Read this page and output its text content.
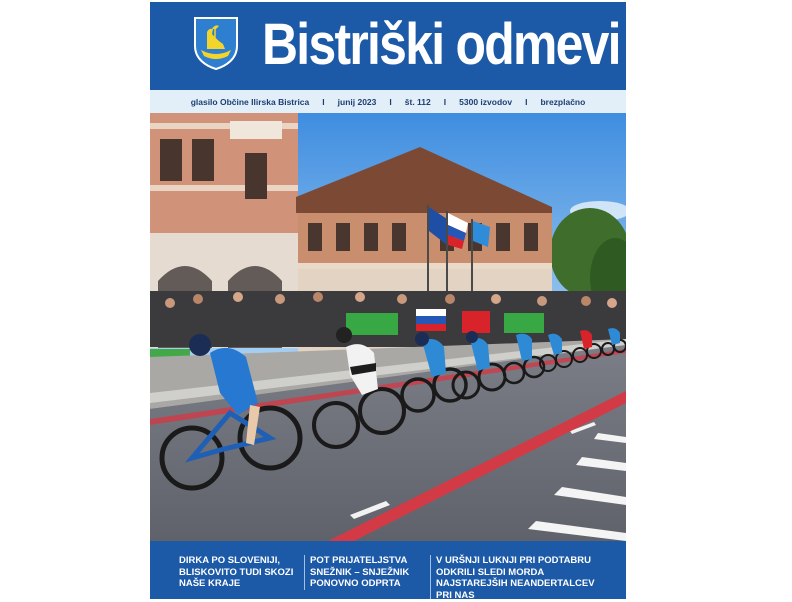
Bistriški odmevi
glasilo Občine Ilirska Bistrica I junij 2023 I št. 112 I 5300 izvodov I brezplačno
DIRKA PO SLOVENIJI, BLISKOVITO TUDI SKOZI NAŠE KRAJE
POT PRIJATELJSTVA SNEŽNIK – SNJEŽNIK PONOVNO ODPRTA
V URŠNJI LUKNJI PRI PODTABRU ODKRILI SLEDI MORDA NAJSTAREJŠIH NEANDERTALCEV PRI NAS
